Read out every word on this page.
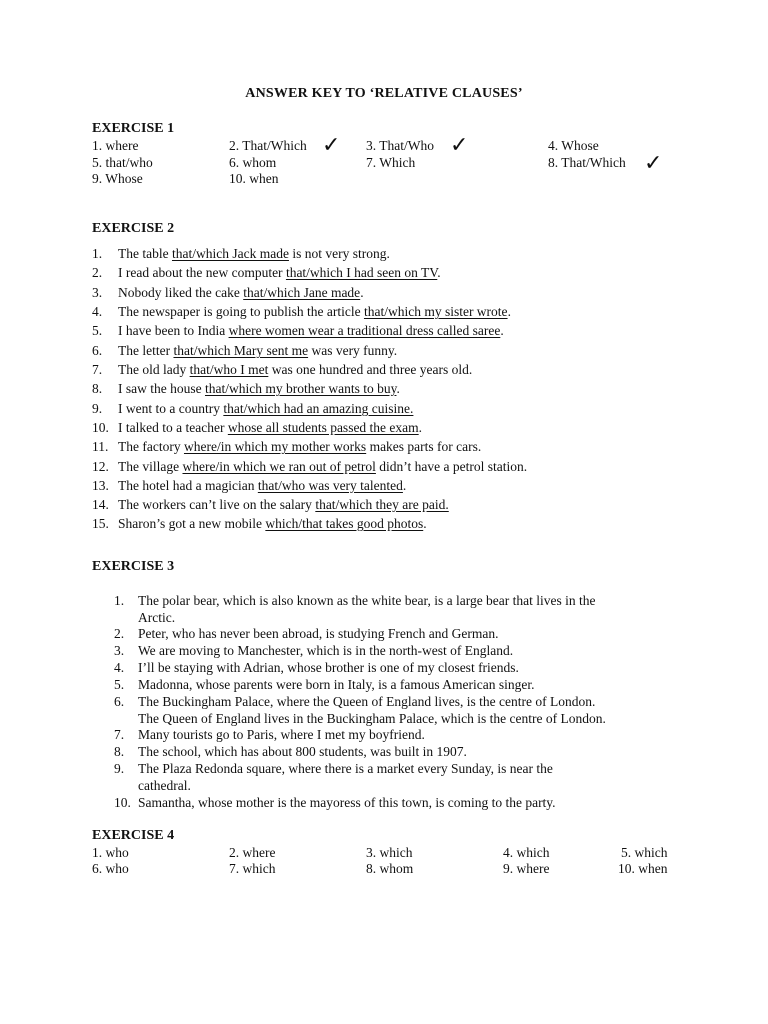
ANSWER KEY TO ‘RELATIVE CLAUSES’
EXERCISE 1
1. where	2. That/Which ✓ 3. That/Who ✓	4. Whose
5. that/who	6. whom	7. Which	8. That/Which ✓
9. Whose	10. when
EXERCISE 2
1. The table that/which Jack made is not very strong.
2. I read about the new computer that/which I had seen on TV.
3. Nobody liked the cake that/which Jane made.
4. The newspaper is going to publish the article that/which my sister wrote.
5. I have been to India where women wear a traditional dress called saree.
6. The letter that/which Mary sent me was very funny.
7. The old lady that/who I met was one hundred and three years old.
8. I saw the house that/which my brother wants to buy.
9. I went to a country that/which had an amazing cuisine.
10. I talked to a teacher whose all students passed the exam.
11. The factory where/in which my mother works makes parts for cars.
12. The village where/in which we ran out of petrol didn’t have a petrol station.
13. The hotel had a magician that/who was very talented.
14. The workers can’t live on the salary that/which they are paid.
15. Sharon’s got a new mobile which/that takes good photos.
EXERCISE 3
1. The polar bear, which is also known as the white bear, is a large bear that lives in the
Arctic.
2. Peter, who has never been abroad, is studying French and German.
3. We are moving to Manchester, which is in the north-west of England.
4. I’ll be staying with Adrian, whose brother is one of my closest friends.
5. Madonna, whose parents were born in Italy, is a famous American singer.
6. The Buckingham Palace, where the Queen of England lives, is the centre of London.
The Queen of England lives in the Buckingham Palace, which is the centre of London.
7. Many tourists go to Paris, where I met my boyfriend.
8. The school, which has about 800 students, was built in 1907.
9. The Plaza Redonda square, where there is a market every Sunday, is near the
cathedral.
10. Samantha, whose mother is the mayoress of this town, is coming to the party.
EXERCISE 4
1. who	2. where	3. which	4. which	5. which
6. who	7. which	8. whom	9. where	10. when
